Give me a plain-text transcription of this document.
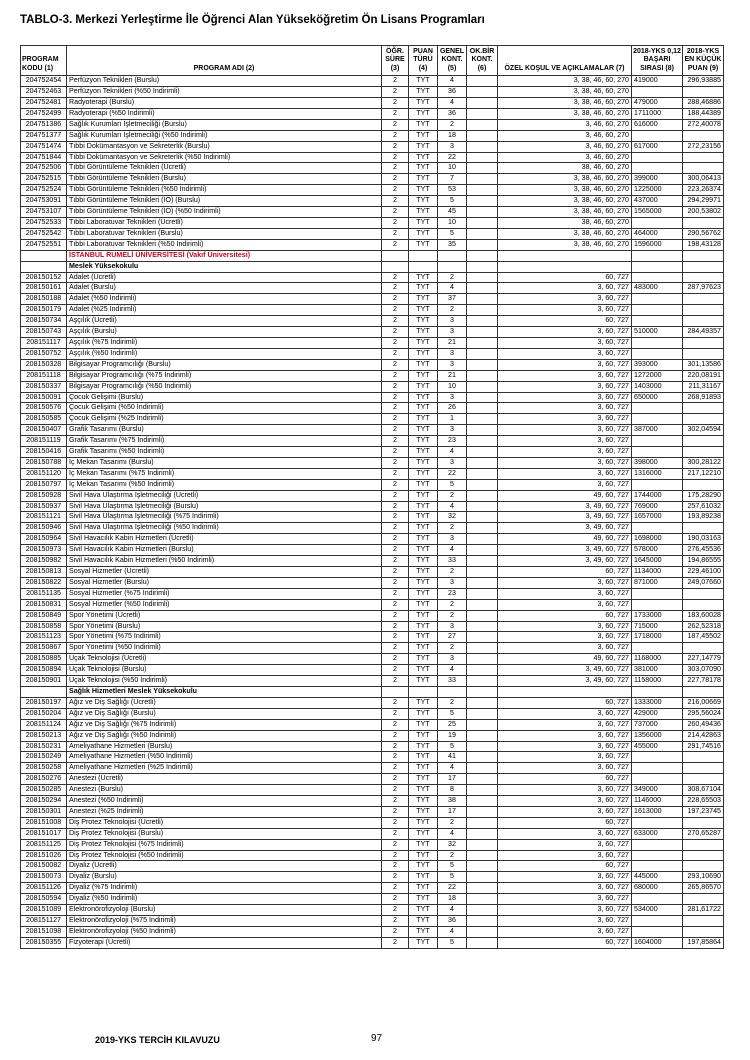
TABLO-3. Merkezi Yerleştirme İle Öğrenci Alan Yükseköğretim Ön Lisans Programları
PROGRAM KODU (1)	PROGRAM ADI (2)	ÖĞR. SÜRE (3)	PUAN TÜRÜ (4)	GENEL KONT. (5)	OK.BİR KONT. (6)	ÖZEL KOŞUL VE AÇIKLAMALAR (7)	2018-YKS 0,12 BAŞARI SIRASI (8)	2018-YKS EN KÜÇÜK PUAN (9)
204752454	Perfüzyon Teknikleri (Burslu)	2	TYT	4		3, 38, 46, 60, 270	419000	296,93885
204752463	Perfüzyon Teknikleri (%50 İndirimli)	2	TYT	36		3, 38, 46, 60, 270		
204752481	Radyoterapi (Burslu)	2	TYT	4		3, 38, 46, 60, 270	479000	288,46886
204752499	Radyoterapi (%50 İndirimli)	2	TYT	36		3, 38, 46, 60, 270	1711000	188,44389
204751386	Sağlık Kurumları İşletmeciliği (Burslu)	2	TYT	2		3, 46, 60, 270	616000	272,40078
204751377	Sağlık Kurumları İşletmeciliği (%50 İndirimli)	2	TYT	18		3, 46, 60, 270		
204751474	Tıbbi Dokümantasyon ve Sekreterlik (Burslu)	2	TYT	3		3, 46, 60, 270	617000	272,23156
204751844	Tıbbi Dokümantasyon ve Sekreterlik (%50 İndirimli)	2	TYT	22		3, 46, 60, 270		
204752506	Tıbbi Görüntüleme Teknikleri (Ücretli)	2	TYT	10		38, 46, 60, 270		
204752515	Tıbbi Görüntüleme Teknikleri (Burslu)	2	TYT	7		3, 38, 46, 60, 270	399000	300,06413
204752524	Tıbbi Görüntüleme Teknikleri (%50 İndirimli)	2	TYT	53		3, 38, 46, 60, 270	1225000	223,26374
204753091	Tıbbi Görüntüleme Teknikleri (İÖ) (Burslu)	2	TYT	5		3, 38, 46, 60, 270	437000	294,29971
204753107	Tıbbi Görüntüleme Teknikleri (İÖ) (%50 İndirimli)	2	TYT	45		3, 38, 46, 60, 270	1565000	200,53802
204752533	Tıbbi Laboratuvar Teknikleri (Ücretli)	2	TYT	10		38, 46, 60, 270		
204752542	Tıbbi Laboratuvar Teknikleri (Burslu)	2	TYT	5		3, 38, 46, 60, 270	464000	290,56762
204752551	Tıbbi Laboratuvar Teknikleri (%50 İndirimli)	2	TYT	35		3, 38, 46, 60, 270	1596000	198,43128
	İSTANBUL RUMELİ ÜNİVERSİTESİ (Vakıf Üniversitesi)							
	Meslek Yüksekokulu							
208150152	Adalet (Ücretli)	2	TYT	2		60, 727		
208150161	Adalet (Burslu)	2	TYT	4		3, 60, 727	483000	287,97623
208150188	Adalet (%50 İndirimli)	2	TYT	37		3, 60, 727		
208150179	Adalet (%25 İndirimli)	2	TYT	2		3, 60, 727		
208150734	Aşçılık (Ücretli)	2	TYT	3		60, 727		
208150743	Aşçılık (Burslu)	2	TYT	3		3, 60, 727	510000	284,49357
208151117	Aşçılık (%75 İndirimli)	2	TYT	21		3, 60, 727		
208150752	Aşçılık (%50 İndirimli)	2	TYT	3		3, 60, 727		
208150328	Bilgisayar Programcılığı (Burslu)	2	TYT	3		3, 60, 727	393000	301,13586
208151118	Bilgisayar Programcılığı (%75 İndirimli)	2	TYT	21		3, 60, 727	1272000	220,08191
208150337	Bilgisayar Programcılığı (%50 İndirimli)	2	TYT	10		3, 60, 727	1403000	211,31167
208150091	Çocuk Gelişimi (Burslu)	2	TYT	3		3, 60, 727	650000	268,91893
208150576	Çocuk Gelişimi (%50 İndirimli)	2	TYT	26		3, 60, 727		
208150585	Çocuk Gelişimi (%25 İndirimli)	2	TYT	1		3, 60, 727		
208150407	Grafik Tasarımı (Burslu)	2	TYT	3		3, 60, 727	387000	302,04594
208151119	Grafik Tasarımı (%75 İndirimli)	2	TYT	23		3, 60, 727		
208150416	Grafik Tasarımı (%50 İndirimli)	2	TYT	4		3, 60, 727		
208150788	İç Mekan Tasarımı (Burslu)	2	TYT	3		3, 60, 727	398000	300,28122
208151120	İç Mekan Tasarımı (%75 İndirimli)	2	TYT	22		3, 60, 727	1316000	217,12210
208150797	İç Mekan Tasarımı (%50 İndirimli)	2	TYT	5		3, 60, 727		
208150928	Sivil Hava Ulaştırma İşletmeciliği (Ücretli)	2	TYT	2		49, 60, 727	1744000	175,28290
208150937	Sivil Hava Ulaştırma İşletmeciliği (Burslu)	2	TYT	4		3, 49, 60, 727	769000	257,61032
208151121	Sivil Hava Ulaştırma İşletmeciliği (%75 İndirimli)	2	TYT	32		3, 49, 60, 727	1657000	193,89238
208150946	Sivil Hava Ulaştırma İşletmeciliği (%50 İndirimli)	2	TYT	2		3, 49, 60, 727		
208150964	Sivil Havacılık Kabin Hizmetleri (Ücretli)	2	TYT	3		49, 60, 727	1698000	190,03163
208150973	Sivil Havacılık Kabin Hizmetleri (Burslu)	2	TYT	4		3, 49, 60, 727	578000	276,45536
208150982	Sivil Havacılık Kabin Hizmetleri (%50 İndirimli)	2	TYT	33		3, 49, 60, 727	1645000	194,86555
208150813	Sosyal Hizmetler (Ücretli)	2	TYT	2		60, 727	1134000	229,46100
208150822	Sosyal Hizmetler (Burslu)	2	TYT	3		3, 60, 727	871000	249,07660
208151135	Sosyal Hizmetler (%75 İndirimli)	2	TYT	23		3, 60, 727		
208150831	Sosyal Hizmetler (%50 İndirimli)	2	TYT	2		3, 60, 727		
208150849	Spor Yönetimi (Ücretli)	2	TYT	2		60, 727	1733000	183,60028
208150858	Spor Yönetimi (Burslu)	2	TYT	3		3, 60, 727	715000	262,52318
208151123	Spor Yönetimi (%75 İndirimli)	2	TYT	27		3, 60, 727	1718000	187,45502
208150867	Spor Yönetimi (%50 İndirimli)	2	TYT	2		3, 60, 727		
208150885	Uçak Teknolojisi (Ücretli)	2	TYT	3		49, 60, 727	1168000	227,14779
208150894	Uçak Teknolojisi (Burslu)	2	TYT	4		3, 49, 60, 727	381000	303,07090
208150901	Uçak Teknolojisi (%50 İndirimli)	2	TYT	33		3, 49, 60, 727	1158000	227,78178
	Sağlık Hizmetleri Meslek Yüksekokulu							
208150197	Ağız ve Diş Sağlığı (Ücretli)	2	TYT	2		60, 727	1333000	216,00669
208150204	Ağız ve Diş Sağlığı (Burslu)	2	TYT	5		3, 60, 727	429000	295,56024
208151124	Ağız ve Diş Sağlığı (%75 İndirimli)	2	TYT	25		3, 60, 727	737000	260,49436
208150213	Ağız ve Diş Sağlığı (%50 İndirimli)	2	TYT	19		3, 60, 727	1356000	214,42863
208150231	Ameliyathane Hizmetleri (Burslu)	2	TYT	5		3, 60, 727	455000	291,74516
208150249	Ameliyathane Hizmetleri (%50 İndirimli)	2	TYT	41		3, 60, 727		
208150258	Ameliyathane Hizmetleri (%25 İndirimli)	2	TYT	4		3, 60, 727		
208150276	Anestezi (Ücretli)	2	TYT	17		60, 727		
208150285	Anestezi (Burslu)	2	TYT	8		3, 60, 727	349000	308,67104
208150294	Anestezi (%50 İndirimli)	2	TYT	38		3, 60, 727	1146000	228,65503
208150301	Anestezi (%25 İndirimli)	2	TYT	17		3, 60, 727	1613000	197,23745
208151008	Diş Protez Teknolojisi (Ücretli)	2	TYT	2		60, 727		
208151017	Diş Protez Teknolojisi (Burslu)	2	TYT	4		3, 60, 727	633000	270,65287
208151125	Diş Protez Teknolojisi (%75 İndirimli)	2	TYT	32		3, 60, 727		
208151026	Diş Protez Teknolojisi (%50 İndirimli)	2	TYT	2		3, 60, 727		
208150082	Diyaliz (Ücretli)	2	TYT	5		60, 727		
208150073	Diyaliz (Burslu)	2	TYT	5		3, 60, 727	445000	293,10690
208151126	Diyaliz (%75 İndirimli)	2	TYT	22		3, 60, 727	680000	265,86570
208150594	Diyaliz (%50 İndirimli)	2	TYT	18		3, 60, 727		
208151089	Elektronörofizyoloji (Burslu)	2	TYT	4		3, 60, 727	534000	281,61722
208151127	Elektronörofizyoloji (%75 İndirimli)	2	TYT	36		3, 60, 727		
208151098	Elektronörofizyoloji (%50 İndirimli)	2	TYT	4		3, 60, 727		
208150355	Fizyoterapi (Ücretli)	2	TYT	5		60, 727	1604000	197,85864
2019-YKS TERCİH KILAVUZU	97
